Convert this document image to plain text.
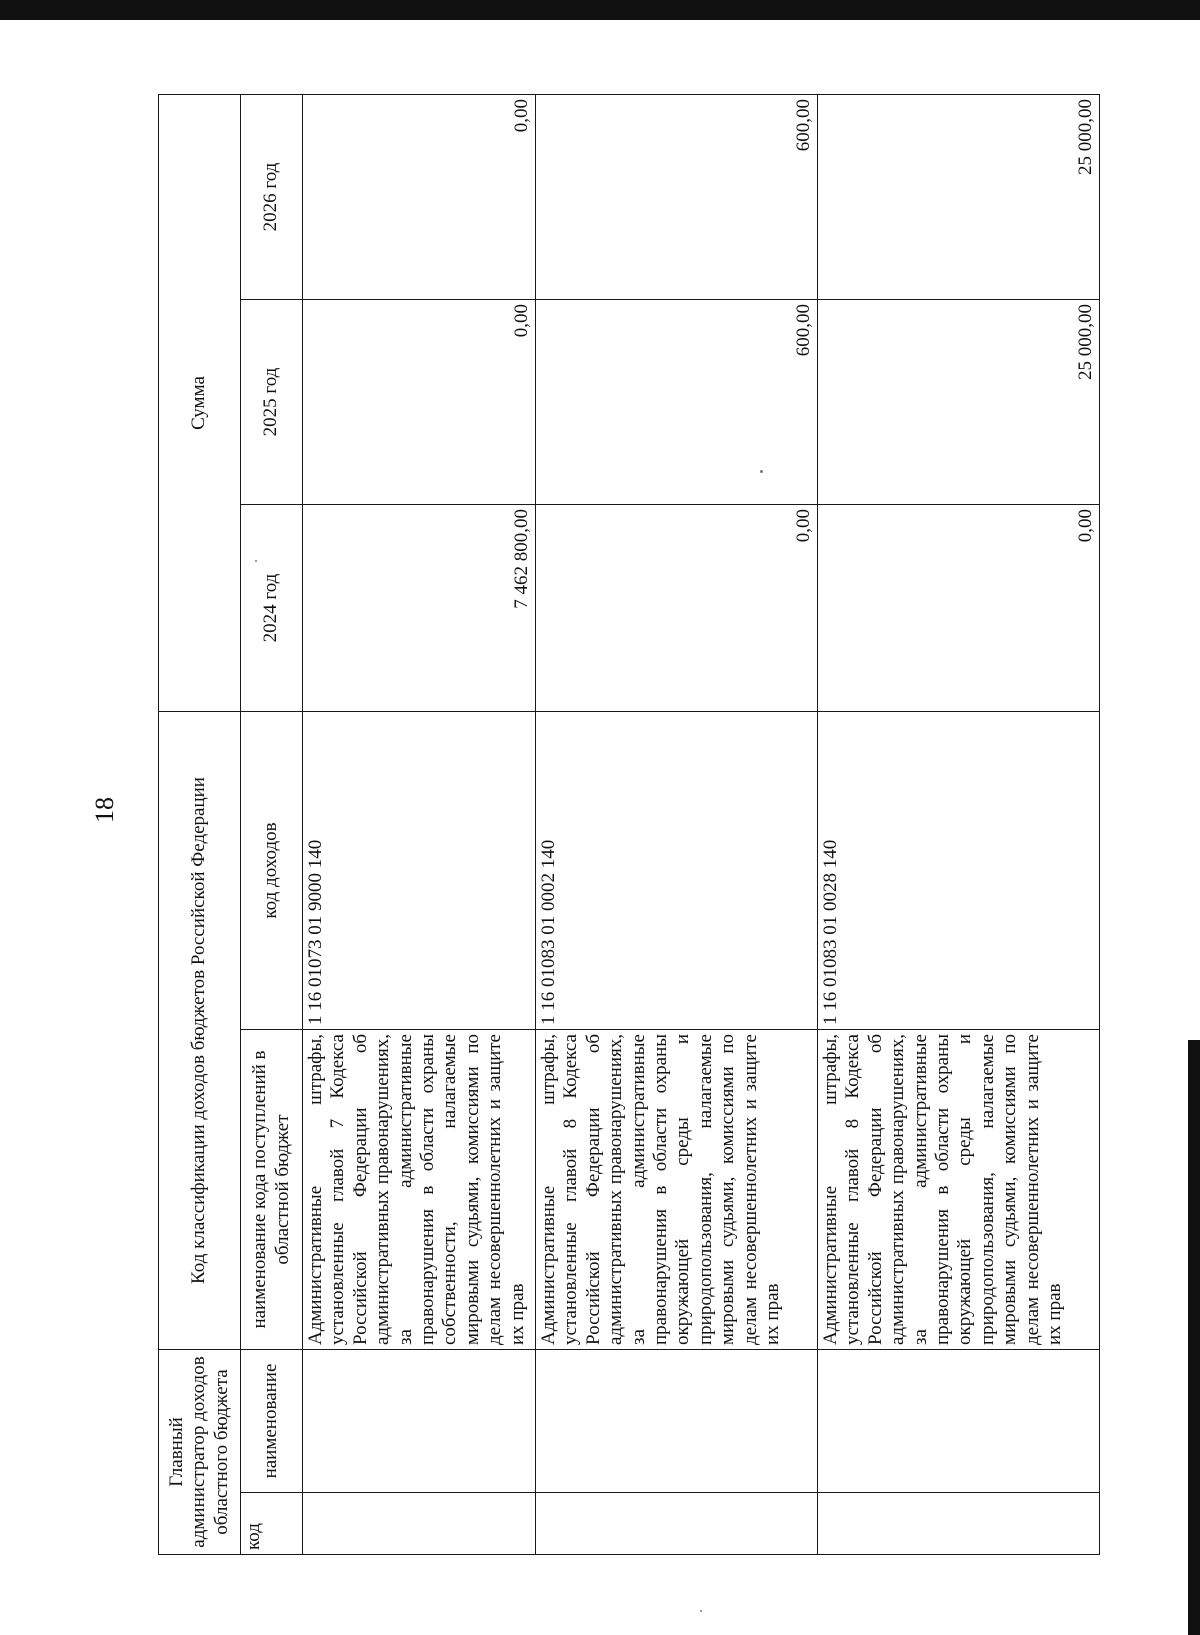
18
Главный администратор доходов областного бюджета		Код классификации доходов бюджетов Российской Федерации		Сумма		
код	наименование	наименование кода поступлений в областной бюджет	код доходов	2024 год	2025 год	2026 год
		Административные штрафы, установленные главой 7 Кодекса Российской Федерации об административных правонарушениях, за административные правонарушения в области охраны собственности, налагаемые мировыми судьями, комиссиями по делам несовершеннолетних и защите их прав	1 16 01073 01 9000 140	7 462 800,00	0,00	0,00
		Административные штрафы, установленные главой 8 Кодекса Российской Федерации об административных правонарушениях, за административные правонарушения в области охраны окружающей среды и природопользования, налагаемые мировыми судьями, комиссиями по делам несовершеннолетних и защите их прав	1 16 01083 01 0002 140	0,00	600,00	600,00
		Административные штрафы, установленные главой 8 Кодекса Российской Федерации об административных правонарушениях, за административные правонарушения в области охраны окружающей среды и природопользования, налагаемые мировыми судьями, комиссиями по делам несовершеннолетних и защите их прав	1 16 01083 01 0028 140	0,00	25 000,00	25 000,00
